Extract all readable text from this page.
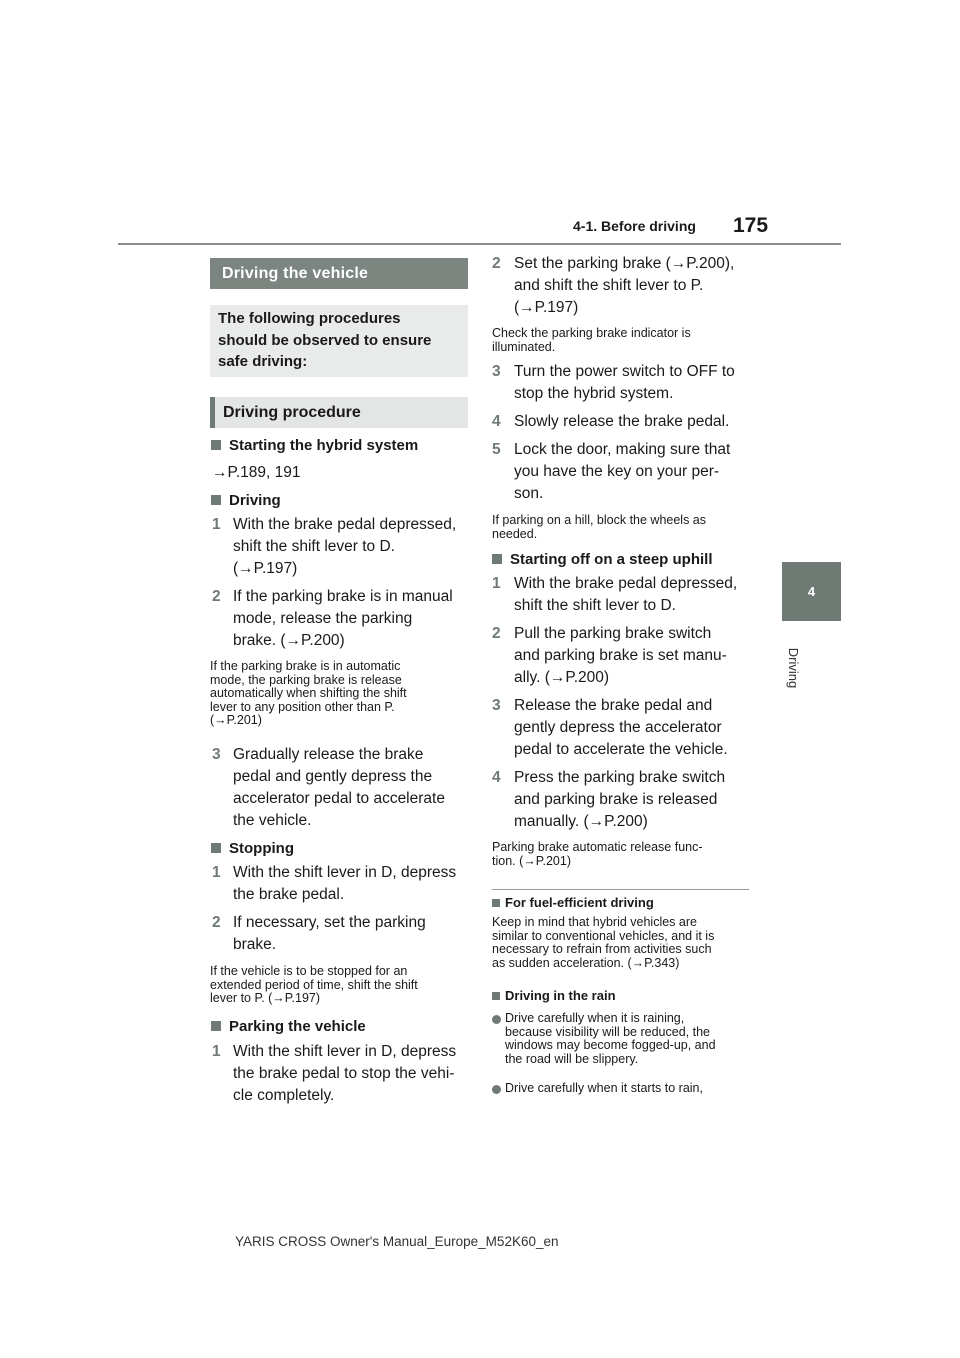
4-1. Before driving 175
4
Driving
Driving the vehicle
The following procedures
should be observed to ensure
safe driving:
Driving procedure
Starting the hybrid system
→P.189, 191
Driving
1 With the brake pedal depressed,
shift the shift lever to D.
(→P.197)
2 If the parking brake is in manual
mode, release the parking
brake. (→P.200)
If the parking brake is in automatic
mode, the parking brake is release
automatically when shifting the shift
lever to any position other than P.
(→P.201)
3 Gradually release the brake
pedal and gently depress the
accelerator pedal to accelerate
the vehicle.
Stopping
1 With the shift lever in D, depress
the brake pedal.
2 If necessary, set the parking
brake.
If the vehicle is to be stopped for an
extended period of time, shift the shift
lever to P. (→P.197)
Parking the vehicle
1 With the shift lever in D, depress
the brake pedal to stop the vehi-
cle completely.
2 Set the parking brake (→P.200),
and shift the shift lever to P.
(→P.197)
Check the parking brake indicator is
illuminated.
3 Turn the power switch to OFF to
stop the hybrid system.
4 Slowly release the brake pedal.
5 Lock the door, making sure that
you have the key on your per-
son.
If parking on a hill, block the wheels as
needed.
Starting off on a steep uphill
1 With the brake pedal depressed,
shift the shift lever to D.
2 Pull the parking brake switch
and parking brake is set manu-
ally. (→P.200)
3 Release the brake pedal and
gently depress the accelerator
pedal to accelerate the vehicle.
4 Press the parking brake switch
and parking brake is released
manually. (→P.200)
Parking brake automatic release func-
tion. (→P.201)
For fuel-efficient driving
Keep in mind that hybrid vehicles are
similar to conventional vehicles, and it is
necessary to refrain from activities such
as sudden acceleration. (→P.343)
Driving in the rain
Drive carefully when it is raining,
because visibility will be reduced, the
windows may become fogged-up, and
the road will be slippery.
Drive carefully when it starts to rain,
YARIS CROSS Owner's Manual_Europe_M52K60_en
